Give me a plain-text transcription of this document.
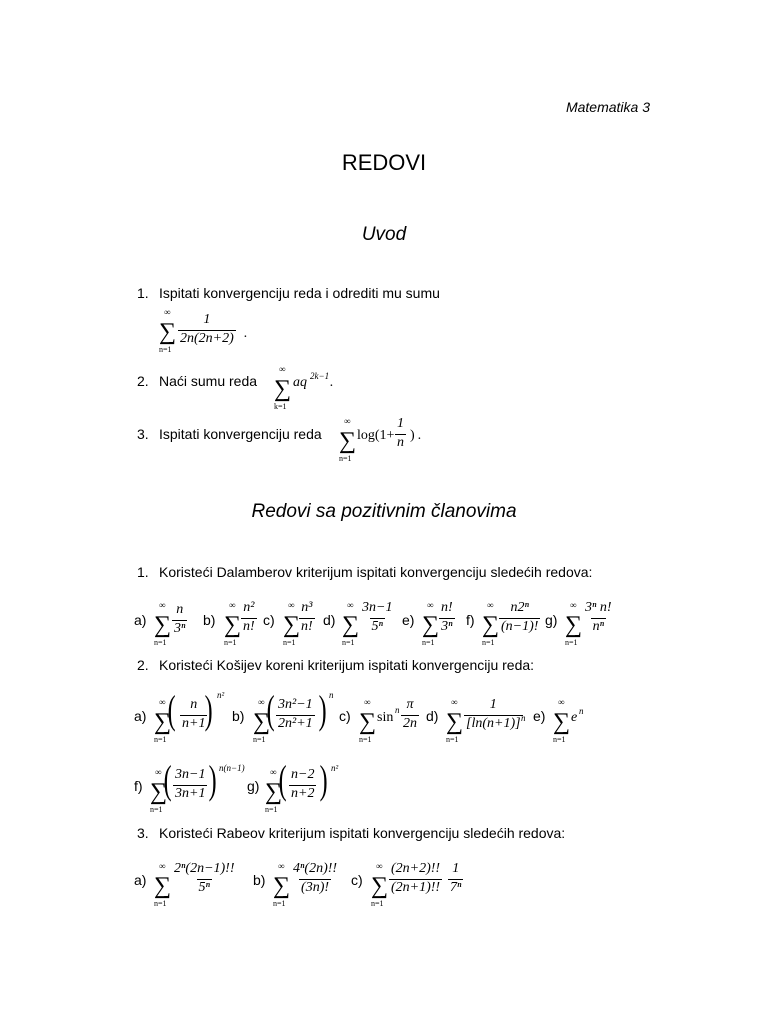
Matematika 3
REDOVI
Uvod
1. Ispitati konvergenciju reda i odrediti mu sumu
∞
∑
n=1
$\frac{1}{2n(2n+2)}$ .
2. Naći sumu reda
∞
∑
k=1
aq 2k−1 .
3. Ispitati konvergenciju reda
∞
∑
n=1
$\log(1+ \frac{1}{n}$ ) .
Redovi sa pozitivnim članovima
1. Koristeći Dalamberov kriterijum ispitati konvergenciju sledećih redova:
a)
∞
∑
n=1
$\frac{n}{\text{3ⁿ}} b$)
∞
∑
n=1
$\frac{\text{n²}}{n!} c$)
∞
∑
n=1
$\frac{\text{n³}}{n!} d$)
∞
∑
n=1
$\frac{3n-1}{\text{5ⁿ}} e$)
∞
∑
n=1
$\frac{n!}{\text{3ⁿ}} f$)
∞
∑
n=1
$\frac{\text{n2ⁿ}}{(n-1)!} g$)
∞
∑
n=1
$\frac{\text{3ⁿ n!}}{\text{nⁿ}}$
2. Koristeći Košijev koreni kriterijum ispitati konvergenciju reda:
a)
∞
∑
n=1
( $\frac{n}{n+1}$
) n²
b)
∞
∑
n=1
( $\frac{\text{3n²−1}}{\text{2n²+1}}$ ) n
c)
∞
∑
n=1
sin n $\frac{\pi}{2n} d$)
∞
∑
n=1
$\frac{1}{[\ln(n+1)]}$
n e)
∞
∑
n=1
e n
f)
∞
∑
n=1
( $\frac{3n-1}{3n+1}$ ) n(n−1)
g)
∞
∑
n=1
( $\frac{n-2}{n+2}$ ) n²
3. Koristeći Rabeov kriterijum ispitati konvergenciju sledećih redova:
a)
∞
∑
n=1
$\frac{\text{2ⁿ(2n−1)!!}}{\text{5ⁿ}} b$)
∞
∑
n=1
$\frac{\text{4ⁿ(2n)!!}}{(3n)!} c$)
∞
∑
n=1
$\frac{(2n+2)!!}{(2n+1)!!} \frac{1}{\text{7ⁿ}}$
